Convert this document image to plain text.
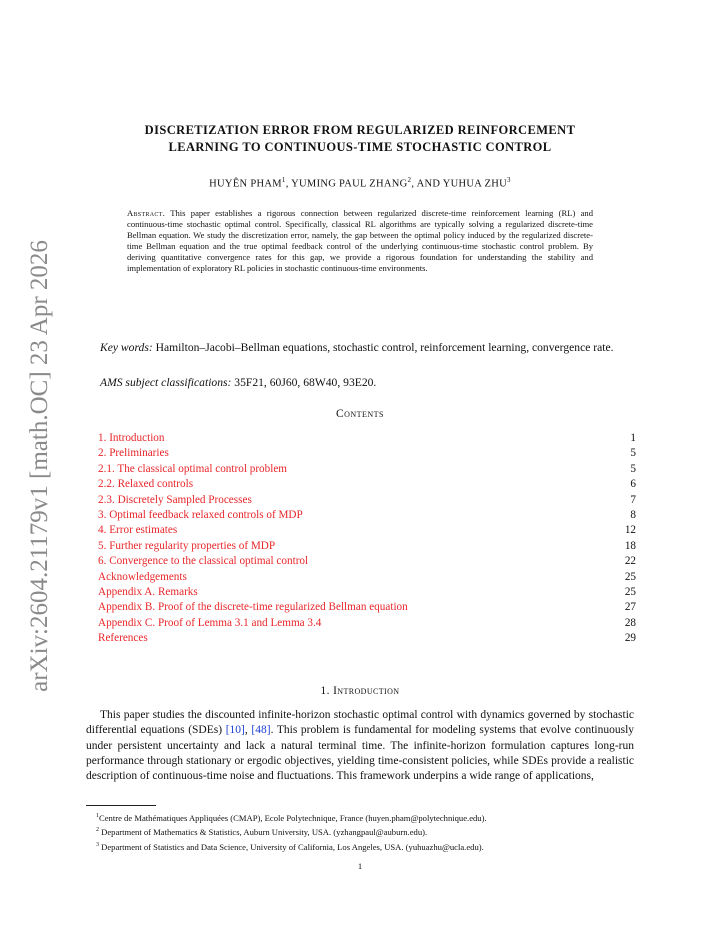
arXiv:2604.21179v1 [math.OC] 23 Apr 2026
DISCRETIZATION ERROR FROM REGULARIZED REINFORCEMENT
LEARNING TO CONTINUOUS-TIME STOCHASTIC CONTROL
HUYÊN PHAM$^1$, YUMING PAUL ZHANG$^2$, AND YUHUA ZHU$^3$
Abstract. This paper establishes a rigorous connection between regularized discrete-time reinforcement learning (RL) and continuous-time stochastic optimal control. Specifically, classical RL algorithms are typically solving a regularized discrete-time Bellman equation. We study the discretization error, namely, the gap between the optimal policy induced by the regularized discrete-time Bellman equation and the true optimal feedback control of the underlying continuous-time stochastic control problem. By deriving quantitative convergence rates for this gap, we provide a rigorous foundation for understanding the stability and implementation of exploratory RL policies in stochastic continuous-time environments.
Key words: Hamilton–Jacobi–Bellman equations, stochastic control, reinforcement learning, convergence rate.
AMS subject classifications: 35F21, 60J60, 68W40, 93E20.
Contents
1. Introduction	1
2. Preliminaries	5
2.1. The classical optimal control problem	5
2.2. Relaxed controls	6
2.3. Discretely Sampled Processes	7
3. Optimal feedback relaxed controls of MDP	8
4. Error estimates	12
5. Further regularity properties of MDP	18
6. Convergence to the classical optimal control	22
Acknowledgements	25
Appendix A. Remarks	25
Appendix B. Proof of the discrete-time regularized Bellman equation	27
Appendix C. Proof of Lemma 3.1 and Lemma 3.4	28
References	29
1. Introduction
This paper studies the discounted infinite-horizon stochastic optimal control with dynamics governed by stochastic differential equations (SDEs) [10], [48]. This problem is fundamental for modeling systems that evolve continuously under persistent uncertainty and lack a natural terminal time. The infinite-horizon formulation captures long-run performance through stationary or ergodic objectives, yielding time-consistent policies, while SDEs provide a realistic description of continuous-time noise and fluctuations. This framework underpins a wide range of applications,
$^1$Centre de Mathématiques Appliquées (CMAP), Ecole Polytechnique, France (huyen.pham@polytechnique.edu).
$^2$ Department of Mathematics & Statistics, Auburn University, USA. (yzhangpaul@auburn.edu).
$^3$ Department of Statistics and Data Science, University of California, Los Angeles, USA. (yuhuazhu@ucla.edu).
1
